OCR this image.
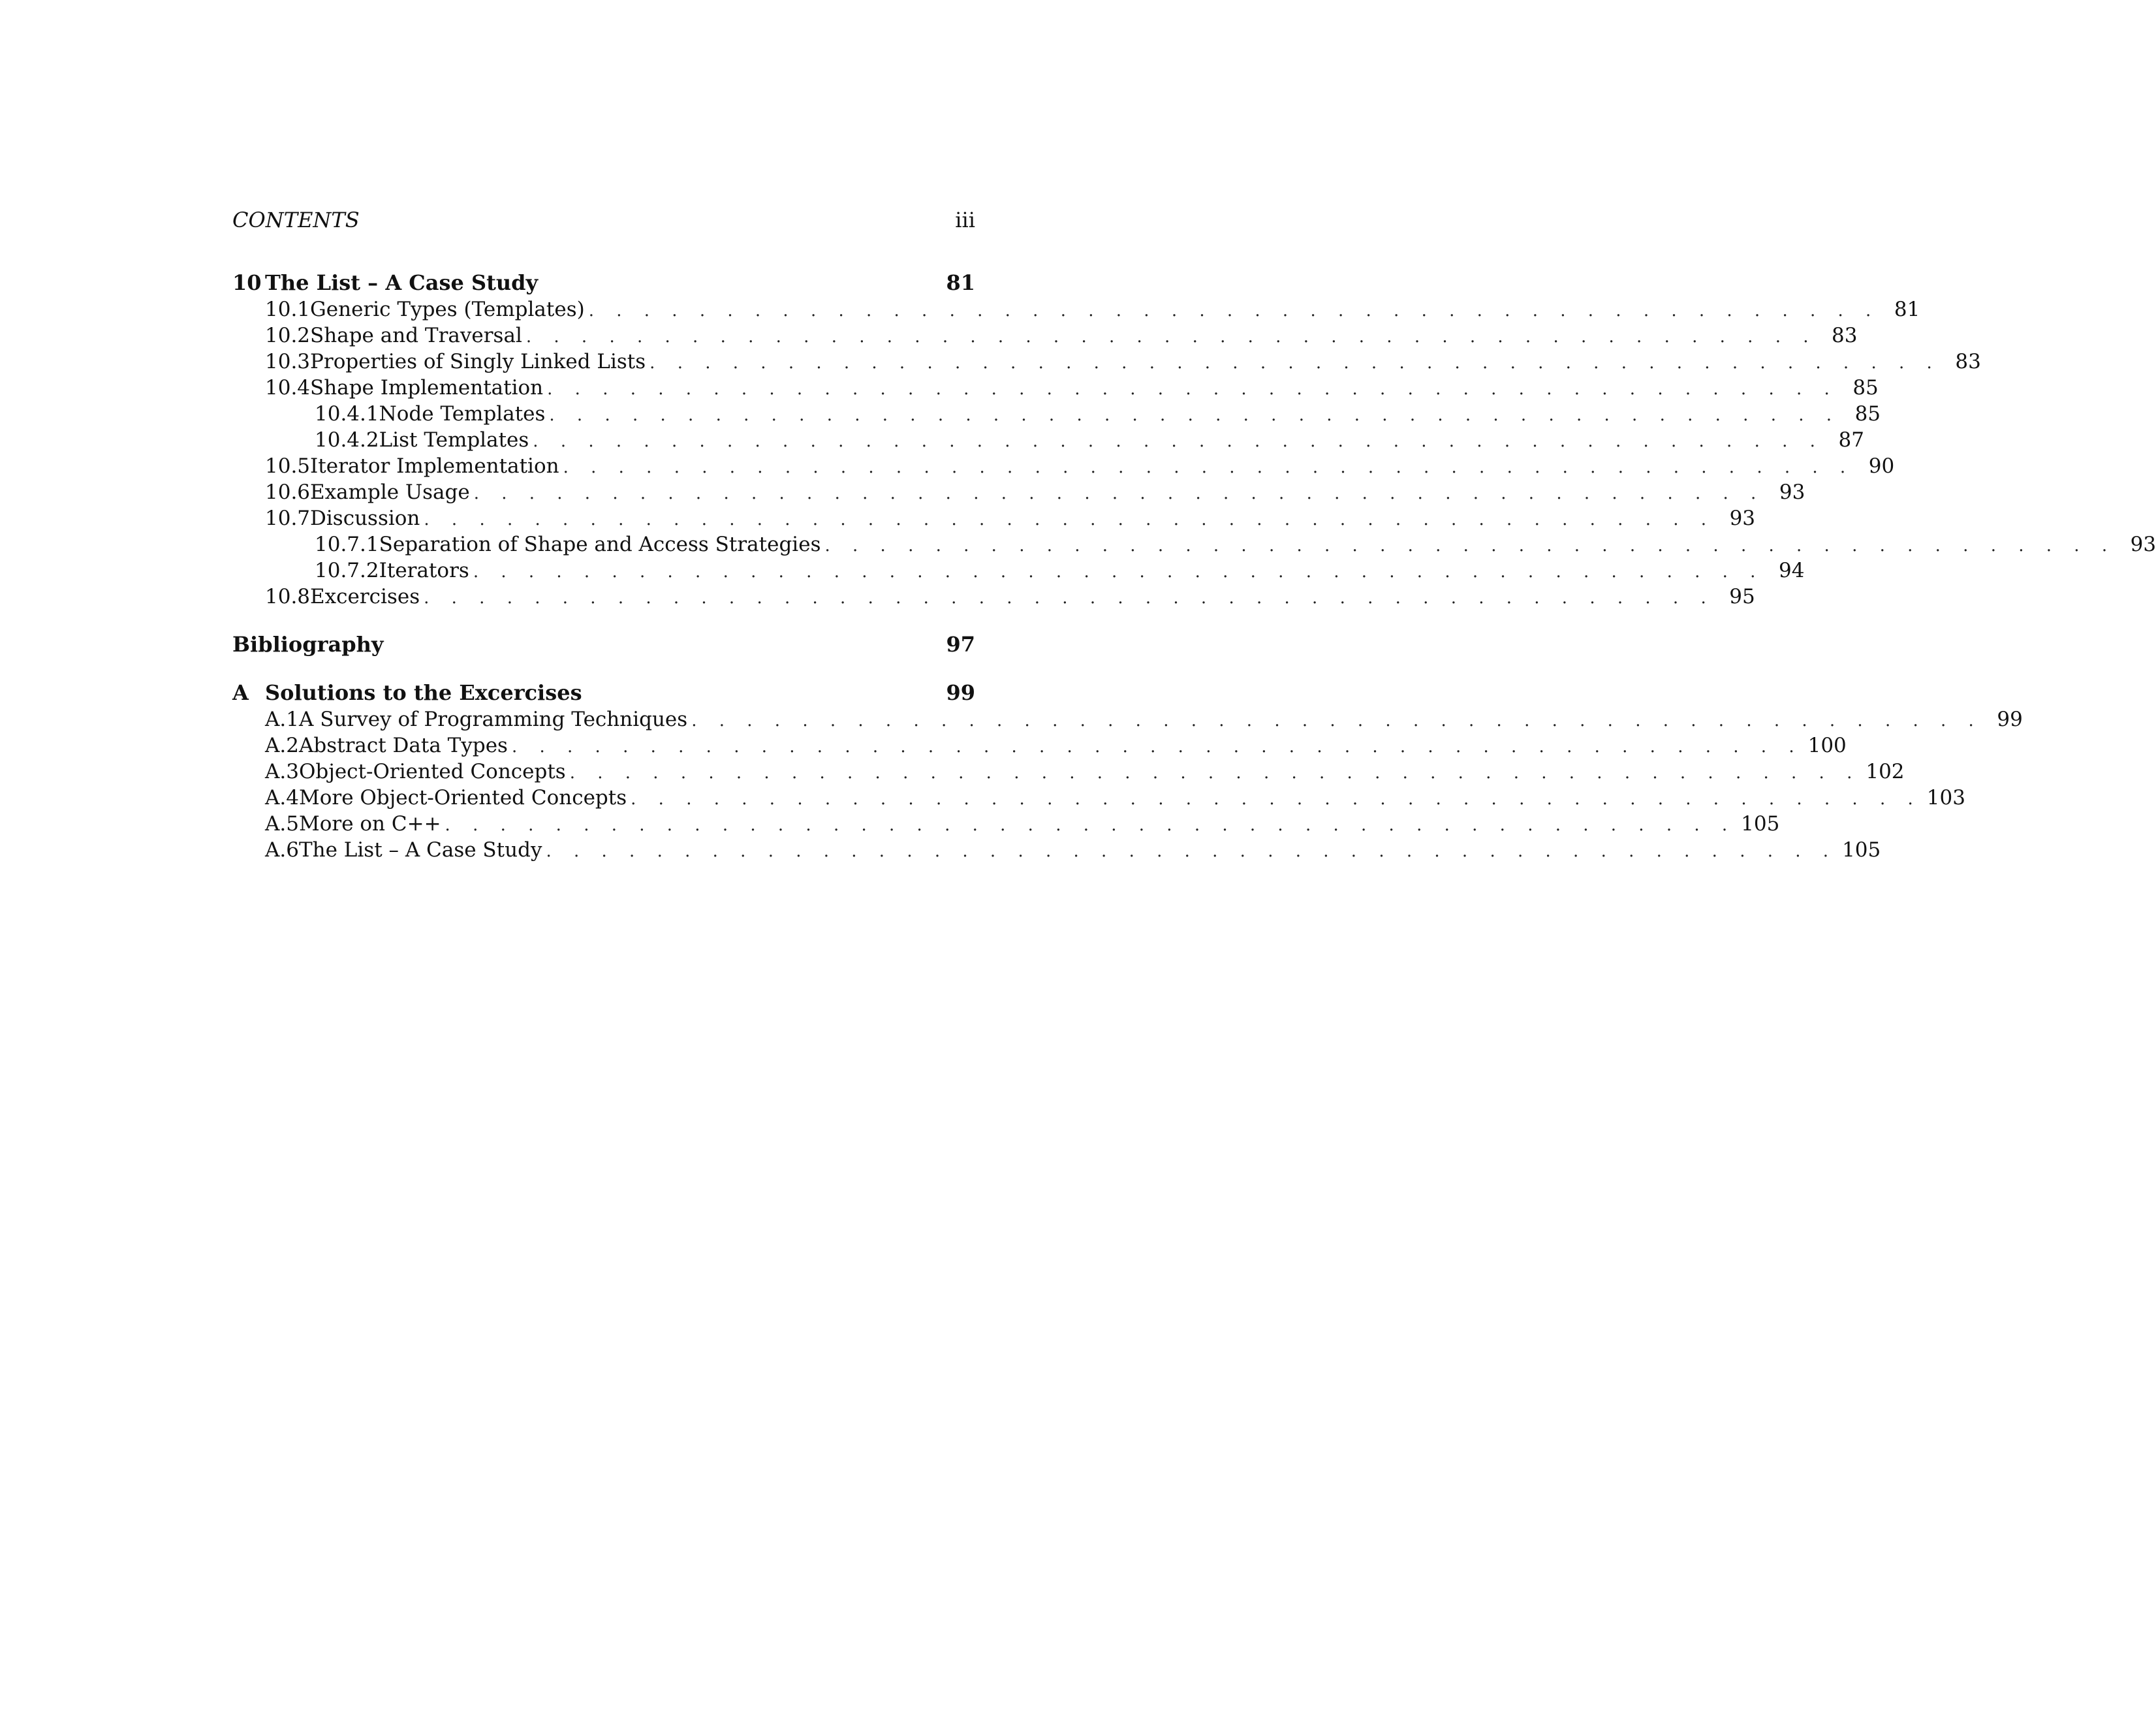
CONTENTS	iii
10 The List – A Case Study	81
10.1 Generic Types (Templates) . . . . . . . . . . . . . . . . . . . . . . . . . . . . . . . . . . . . . . . . . . . . . . . 81
10.2 Shape and Traversal . . . . . . . . . . . . . . . . . . . . . . . . . . . . . . . . . . . . . . . . . . . . . . . 83
10.3 Properties of Singly Linked Lists . . . . . . . . . . . . . . . . . . . . . . . . . . . . . . . . . . . . . . . . . . . . . . . 83
10.4 Shape Implementation . . . . . . . . . . . . . . . . . . . . . . . . . . . . . . . . . . . . . . . . . . . . . . . 85
10.4.1 Node Templates . . . . . . . . . . . . . . . . . . . . . . . . . . . . . . . . . . . . . . . . . . . . . . . 85
10.4.2 List Templates . . . . . . . . . . . . . . . . . . . . . . . . . . . . . . . . . . . . . . . . . . . . . . . 87
10.5 Iterator Implementation . . . . . . . . . . . . . . . . . . . . . . . . . . . . . . . . . . . . . . . . . . . . . . . 90
10.6 Example Usage . . . . . . . . . . . . . . . . . . . . . . . . . . . . . . . . . . . . . . . . . . . . . . . 93
10.7 Discussion . . . . . . . . . . . . . . . . . . . . . . . . . . . . . . . . . . . . . . . . . . . . . . . 93
10.7.1 Separation of Shape and Access Strategies . . . . . . . . . . . . . . . . . . . . . . . . . . . . . . . . . . . . . . . . . . . . . . . 93
10.7.2 Iterators . . . . . . . . . . . . . . . . . . . . . . . . . . . . . . . . . . . . . . . . . . . . . . . 94
10.8 Excercises . . . . . . . . . . . . . . . . . . . . . . . . . . . . . . . . . . . . . . . . . . . . . . . 95
Bibliography	97
A Solutions to the Excercises	99
A.1 A Survey of Programming Techniques . . . . . . . . . . . . . . . . . . . . . . . . . . . . . . . . . . . . . . . . . . . . . . . 99
A.2 Abstract Data Types . . . . . . . . . . . . . . . . . . . . . . . . . . . . . . . . . . . . . . . . . . . . . . . 100
A.3 Object-Oriented Concepts . . . . . . . . . . . . . . . . . . . . . . . . . . . . . . . . . . . . . . . . . . . . . . . 102
A.4 More Object-Oriented Concepts . . . . . . . . . . . . . . . . . . . . . . . . . . . . . . . . . . . . . . . . . . . . . . . 103
A.5 More on C++ . . . . . . . . . . . . . . . . . . . . . . . . . . . . . . . . . . . . . . . . . . . . . . . 105
A.6 The List – A Case Study . . . . . . . . . . . . . . . . . . . . . . . . . . . . . . . . . . . . . . . . . . . . . . . 105
